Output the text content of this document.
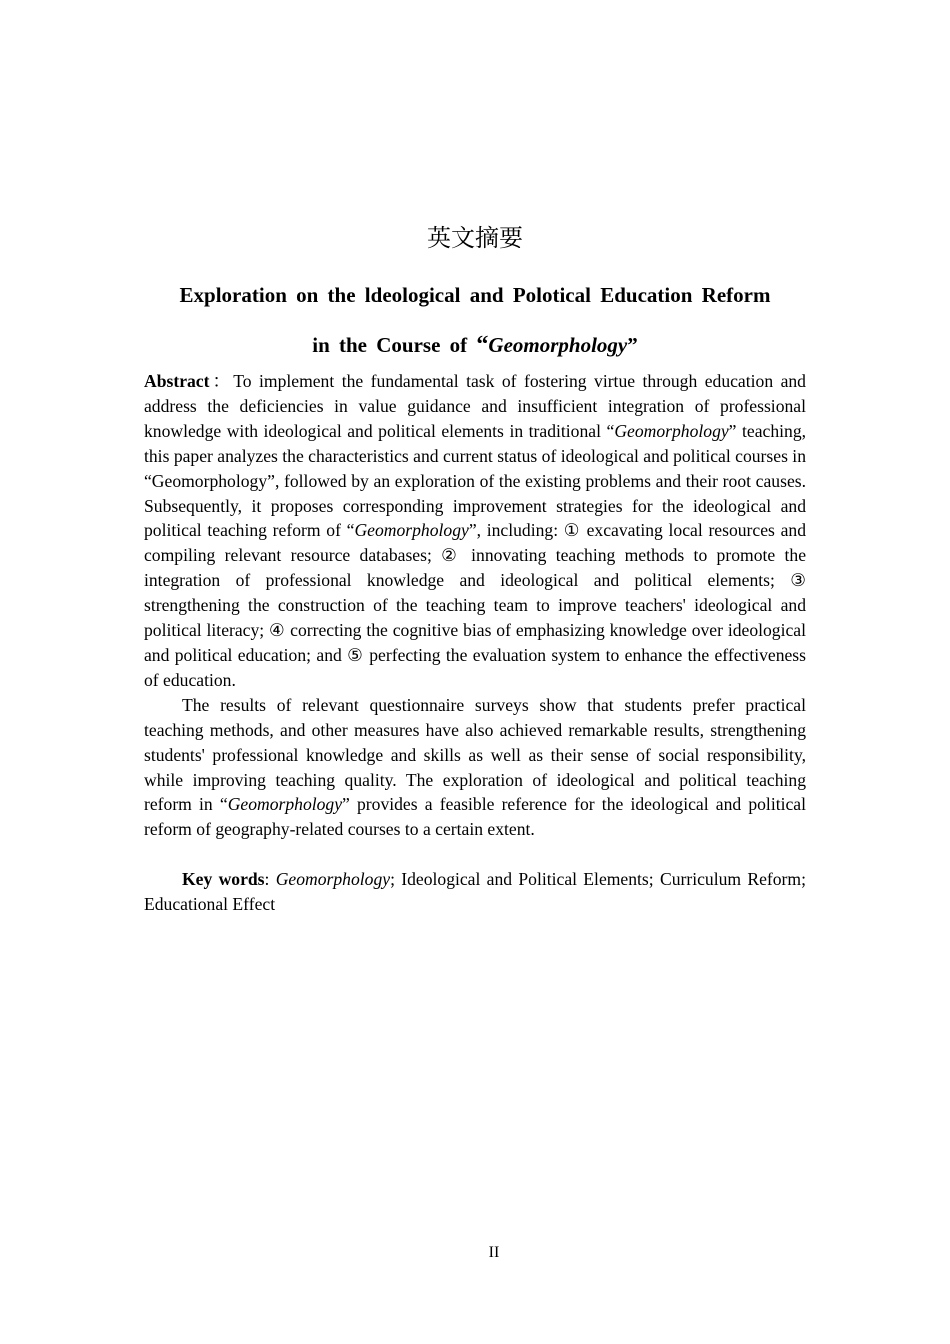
英文摘要
Exploration on the ldeological and Polotical Education Reform
in the Course of “Geomorphology”

Abstract：To implement the fundamental task of fostering virtue through education and address the deficiencies in value guidance and insufficient integration of professional knowledge with ideological and political elements in traditional “Geomorphology” teaching, this paper analyzes the characteristics and current status of ideological and political courses in “Geomorphology”, followed by an exploration of the existing problems and their root causes. Subsequently, it proposes corresponding improvement strategies for the ideological and political teaching reform of “Geomorphology”, including: ① excavating local resources and compiling relevant resource databases; ② innovating teaching methods to promote the integration of professional knowledge and ideological and political elements; ③ strengthening the construction of the teaching team to improve teachers' ideological and political literacy; ④ correcting the cognitive bias of emphasizing knowledge over ideological and political education; and ⑤ perfecting the evaluation system to enhance the effectiveness of education.

The results of relevant questionnaire surveys show that students prefer practical teaching methods, and other measures have also achieved remarkable results, strengthening students' professional knowledge and skills as well as their sense of social responsibility, while improving teaching quality. The exploration of ideological and political teaching reform in “Geomorphology” provides a feasible reference for the ideological and political reform of geography-related courses to a certain extent.

Key words: Geomorphology; Ideological and Political Elements; Curriculum Reform; Educational Effect

II
